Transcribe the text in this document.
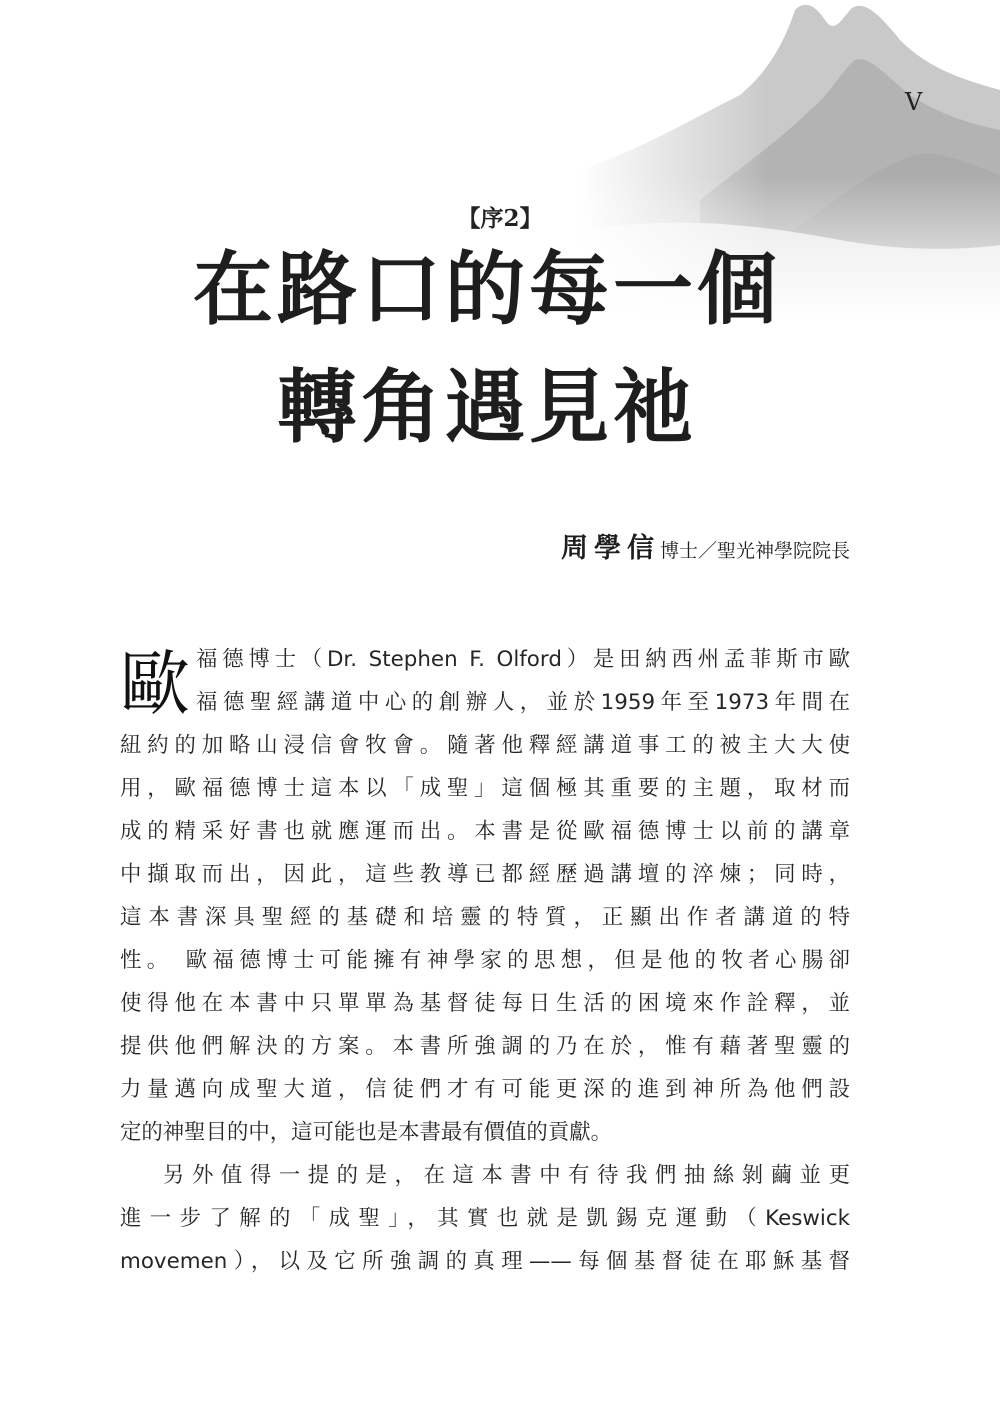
V
【序2】
在路口的每一個
轉角遇見祂
周學信博士／聖光神學院院長
歐 福德博士（Dr. Stephen F. Olford）是田納西州孟菲斯市歐
福德聖經講道中心的創辦人，並於1959年至1973年間在
紐約的加略山浸信會牧會。隨著他釋經講道事工的被主大大使
用，歐福德博士這本以「成聖」這個極其重要的主題，取材而
成的精采好書也就應運而出。本書是從歐福德博士以前的講章
中擷取而出，因此，這些教導已都經歷過講壇的淬煉；同時，
這本書深具聖經的基礎和培靈的特質，正顯出作者講道的特
性。 歐福德博士可能擁有神學家的思想，但是他的牧者心腸卻
使得他在本書中只單單為基督徒每日生活的困境來作詮釋，並
提供他們解決的方案。本書所強調的乃在於，惟有藉著聖靈的
力量邁向成聖大道，信徒們才有可能更深的進到神所為他們設
定的神聖目的中，這可能也是本書最有價值的貢獻。
另外值得一提的是，在這本書中有待我們抽絲剝繭並更
進一步了解的「成聖」，其實也就是凱錫克運動（Keswick
movemen），以及它所強調的真理——每個基督徒在耶穌基督
